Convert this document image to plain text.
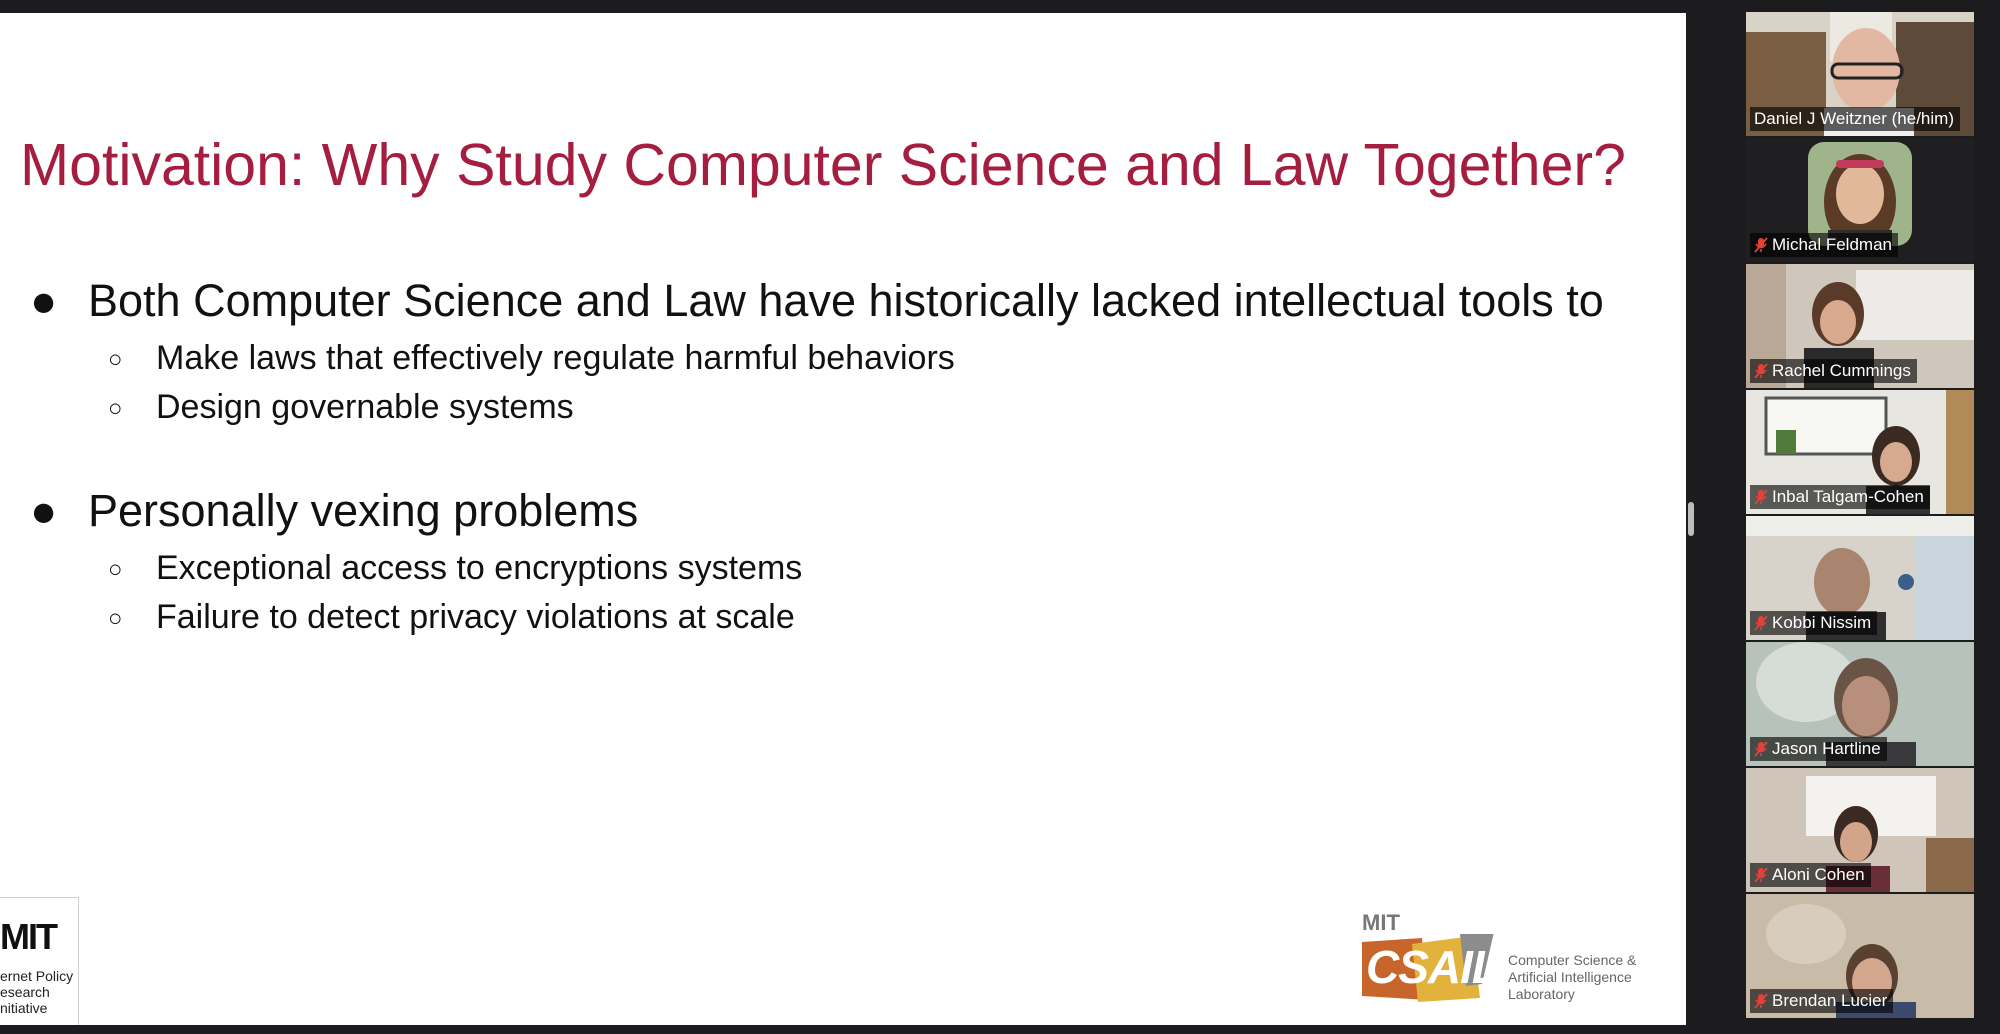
Motivation: Why Study Computer Science and Law Together?
● Both Computer Science and Law have historically lacked intellectual tools to
○ Make laws that effectively regulate harmful behaviors
○ Design governable systems
● Personally vexing problems
○ Exceptional access to encryptions systems
○ Failure to detect privacy violations at scale
MIT
ernet Policy
esearch
nitiative
MIT
CSAIL Computer Science &
Artificial Intelligence
Laboratory
Daniel J Weitzner (he/him)
Michal Feldman
Rachel Cummings
Inbal Talgam-Cohen
Kobbi Nissim
Jason Hartline
Aloni Cohen
Brendan Lucier
